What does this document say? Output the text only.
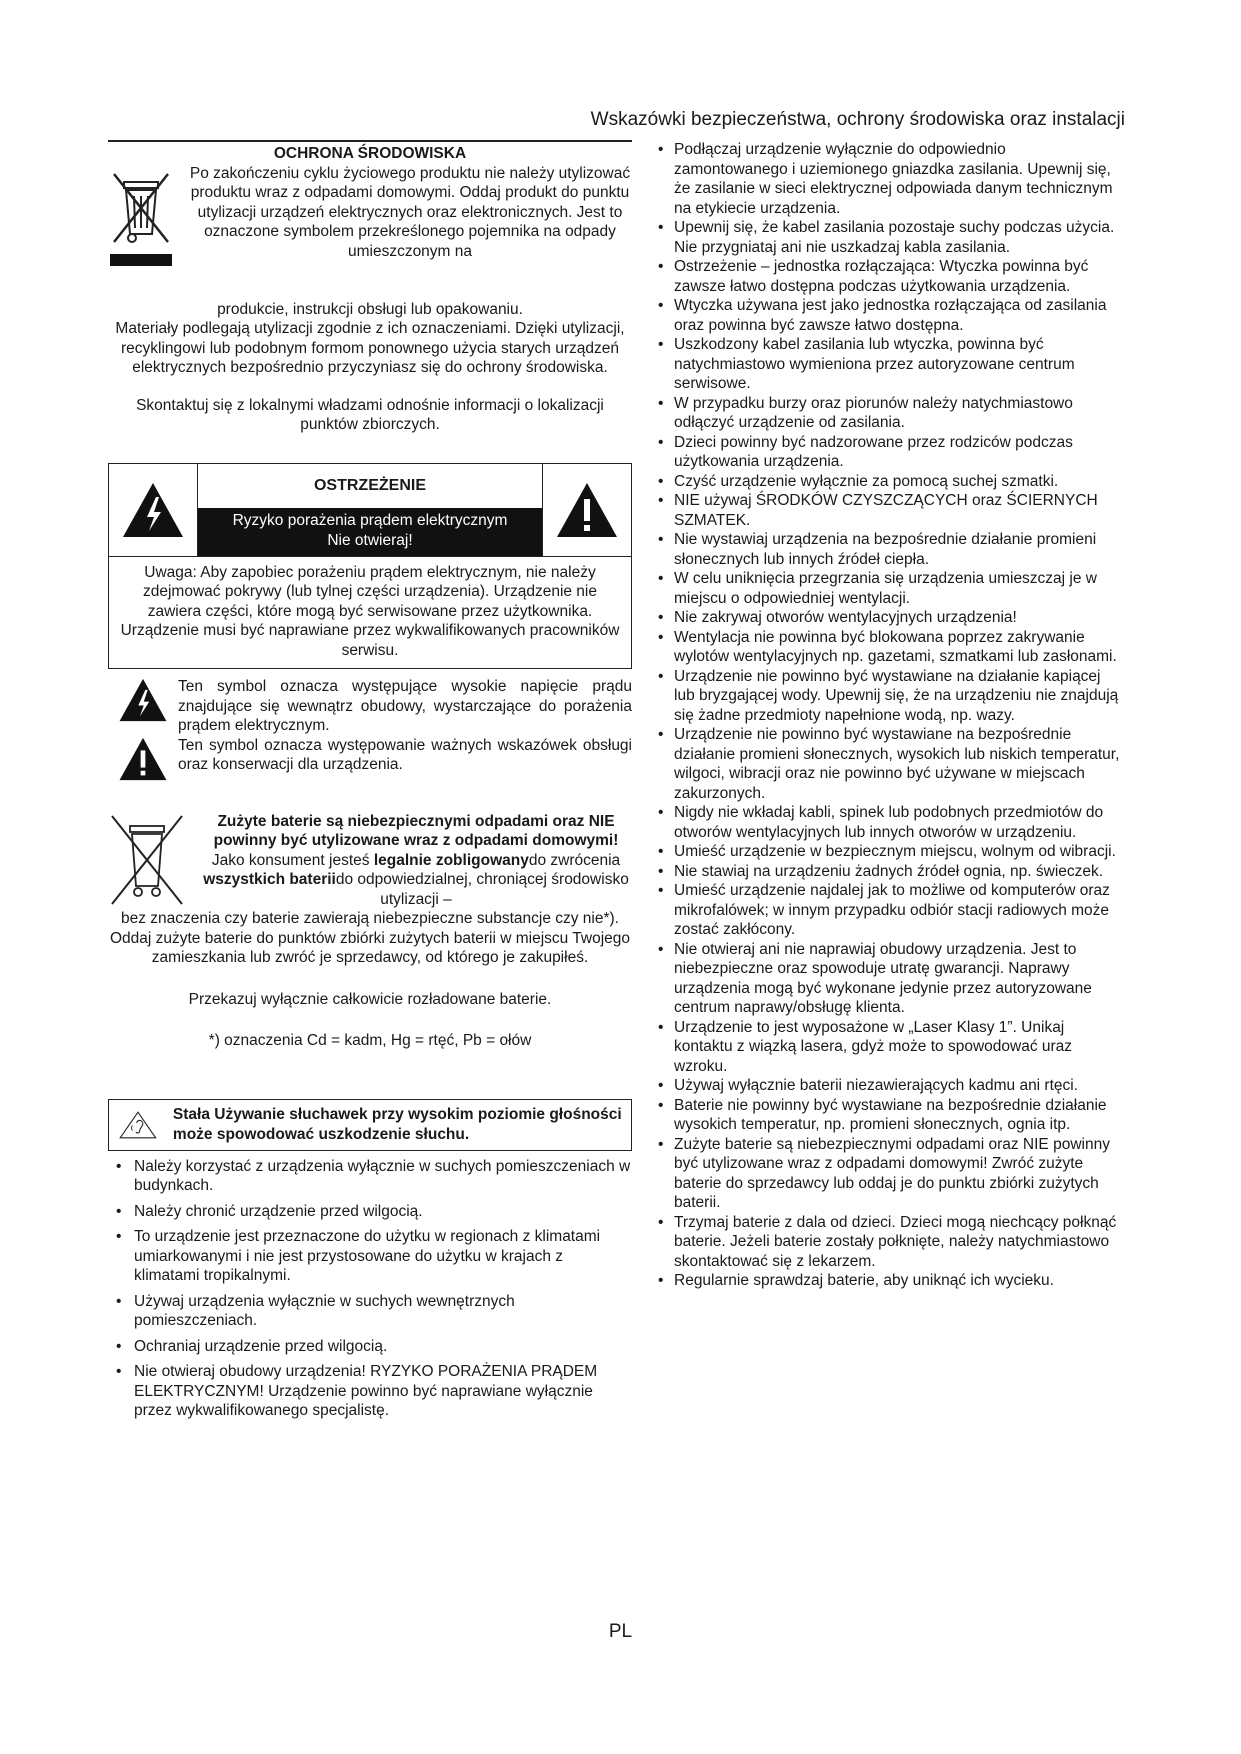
Wskazówki bezpieczeństwa, ochrony środowiska oraz instalacji
OCHRONA ŚRODOWISKA
Po zakończeniu cyklu życiowego produktu nie należy utylizować produktu wraz z odpadami domowymi. Oddaj produkt do punktu utylizacji urządzeń elektrycznych oraz elektronicznych. Jest to oznaczone symbolem przekreślonego pojemnika na odpady umieszczonym na
produkcie, instrukcji obsługi lub opakowaniu.
Materiały podlegają utylizacji zgodnie z ich oznaczeniami. Dzięki utylizacji, recyklingowi lub podobnym formom ponownego użycia starych urządzeń elektrycznych bezpośrednio przyczyniasz się do ochrony środowiska.
Skontaktuj się z lokalnymi władzami odnośnie informacji o lokalizacji punktów zbiorczych.
OSTRZEŻENIE
Ryzyko porażenia prądem elektrycznym
Nie otwieraj!
Uwaga: Aby zapobiec porażeniu prądem elektrycznym, nie należy zdejmować pokrywy (lub tylnej części urządzenia). Urządzenie nie zawiera części, które mogą być serwisowane przez użytkownika. Urządzenie musi być naprawiane przez wykwalifikowanych pracowników serwisu.
Ten symbol oznacza występujące wysokie napięcie prądu znajdujące się wewnątrz obudowy, wystarczające do porażenia prądem elektrycznym.
Ten symbol oznacza występowanie ważnych wskazówek obsługi oraz konserwacji dla urządzenia.
Zużyte baterie są niebezpiecznymi odpadami oraz NIE powinny być utylizowane wraz z odpadami domowymi! Jako konsument jesteś legalnie zobligowanydo zwrócenia wszystkich bateriido odpowiedzialnej, chroniącej środowisko utylizacji –
bez znaczenia czy baterie zawierają niebezpieczne substancje czy nie*).
Oddaj zużyte baterie do punktów zbiórki zużytych baterii w miejscu Twojego zamieszkania lub zwróć je sprzedawcy, od którego je zakupiłeś.
Przekazuj wyłącznie całkowicie rozładowane baterie.
*) oznaczenia Cd = kadm, Hg = rtęć, Pb = ołów
Stała Używanie słuchawek przy wysokim poziomie głośności może spowodować uszkodzenie słuchu.
• Należy korzystać z urządzenia wyłącznie w suchych pomieszczeniach w budynkach.
• Należy chronić urządzenie przed wilgocią.
• To urządzenie jest przeznaczone do użytku w regionach z klimatami umiarkowanymi i nie jest przystosowane do użytku w krajach z klimatami tropikalnymi.
• Używaj urządzenia wyłącznie w suchych wewnętrznych pomieszczeniach.
• Ochraniaj urządzenie przed wilgocią.
• Nie otwieraj obudowy urządzenia! RYZYKO PORAŻENIA PRĄDEM ELEKTRYCZNYM! Urządzenie powinno być naprawiane wyłącznie przez wykwalifikowanego specjalistę.
• Podłączaj urządzenie wyłącznie do odpowiednio zamontowanego i uziemionego gniazdka zasilania. Upewnij się, że zasilanie w sieci elektrycznej odpowiada danym technicznym na etykiecie urządzenia.
• Upewnij się, że kabel zasilania pozostaje suchy podczas użycia. Nie przygniataj ani nie uszkadzaj kabla zasilania.
• Ostrzeżenie – jednostka rozłączająca: Wtyczka powinna być zawsze łatwo dostępna podczas użytkowania urządzenia.
• Wtyczka używana jest jako jednostka rozłączająca od zasilania oraz powinna być zawsze łatwo dostępna.
• Uszkodzony kabel zasilania lub wtyczka, powinna być natychmiastowo wymieniona przez autoryzowane centrum serwisowe.
• W przypadku burzy oraz piorunów należy natychmiastowo odłączyć urządzenie od zasilania.
• Dzieci powinny być nadzorowane przez rodziców podczas użytkowania urządzenia.
• Czyść urządzenie wyłącznie za pomocą suchej szmatki.
• NIE używaj ŚRODKÓW CZYSZCZĄCYCH oraz ŚCIERNYCH SZMATEK.
• Nie wystawiaj urządzenia na bezpośrednie działanie promieni słonecznych lub innych źródeł ciepła.
• W celu uniknięcia przegrzania się urządzenia umieszczaj je w miejscu o odpowiedniej wentylacji.
• Nie zakrywaj otworów wentylacyjnych urządzenia!
• Wentylacja nie powinna być blokowana poprzez zakrywanie wylotów wentylacyjnych np. gazetami, szmatkami lub zasłonami.
• Urządzenie nie powinno być wystawiane na działanie kapiącej lub bryzgającej wody. Upewnij się, że na urządzeniu nie znajdują się żadne przedmioty napełnione wodą, np. wazy.
• Urządzenie nie powinno być wystawiane na bezpośrednie działanie promieni słonecznych, wysokich lub niskich temperatur, wilgoci, wibracji oraz nie powinno być używane w miejscach zakurzonych.
• Nigdy nie wkładaj kabli, spinek lub podobnych przedmiotów do otworów wentylacyjnych lub innych otworów w urządzeniu.
• Umieść urządzenie w bezpiecznym miejscu, wolnym od wibracji.
• Nie stawiaj na urządzeniu żadnych źródeł ognia, np. świeczek.
• Umieść urządzenie najdalej jak to możliwe od komputerów oraz mikrofalówek; w innym przypadku odbiór stacji radiowych może zostać zakłócony.
• Nie otwieraj ani nie naprawiaj obudowy urządzenia. Jest to niebezpieczne oraz spowoduje utratę gwarancji. Naprawy urządzenia mogą być wykonane jedynie przez autoryzowane centrum naprawy/obsługę klienta.
• Urządzenie to jest wyposażone w „Laser Klasy 1”. Unikaj kontaktu z wiązką lasera, gdyż może to spowodować uraz wzroku.
• Używaj wyłącznie baterii niezawierających kadmu ani rtęci.
• Baterie nie powinny być wystawiane na bezpośrednie działanie wysokich temperatur, np. promieni słonecznych, ognia itp.
• Zużyte baterie są niebezpiecznymi odpadami oraz NIE powinny być utylizowane wraz z odpadami domowymi! Zwróć zużyte baterie do sprzedawcy lub oddaj je do punktu zbiórki zużytych baterii.
• Trzymaj baterie z dala od dzieci. Dzieci mogą niechcący połknąć baterie. Jeżeli baterie zostały połknięte, należy natychmiastowo skontaktować się z lekarzem.
• Regularnie sprawdzaj baterie, aby uniknąć ich wycieku.
PL
